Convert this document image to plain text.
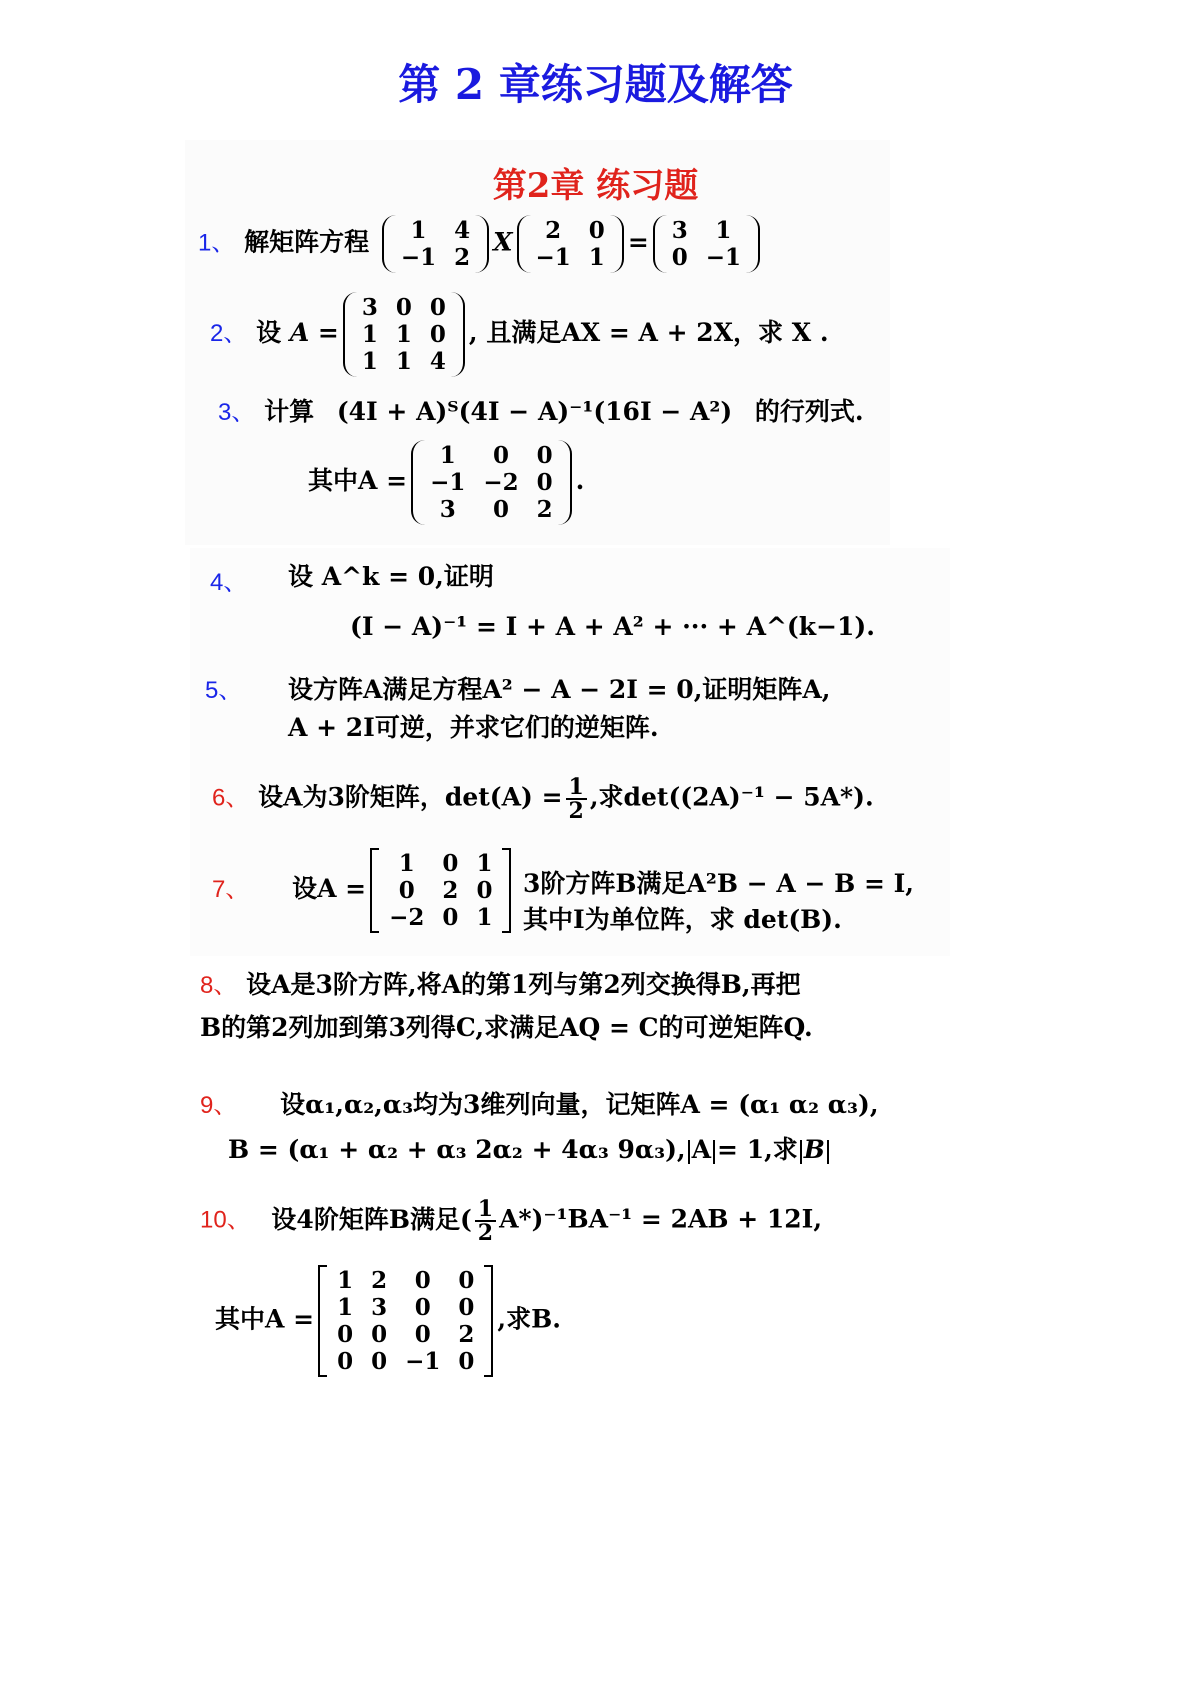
第 2 章练习题及解答
第2章 练习题
1、 解矩阵方程 1	4
−1	2
X 2	0
−1	1
= 3	1
0	−1
2、 设 A =
3	0	0
1	1	0
1	1	4
, 且满足AX = A + 2X，求 X .
3、 计算 (4I + A)ᵀ(4I − A)⁻¹(16I − A²) 的行列式.
其中A =
1	0	0
−1	−2	0
3	0	2
.
4、 设 A^k = 0,证明
(I − A)⁻¹ = I + A + A² + ··· + A^(k−1).
5、 设方阵A满足方程A² − A − 2I = 0,证明矩阵A,
A + 2I可逆，并求它们的逆矩阵.
6、 设A为3阶矩阵，$\det(A) = \frac{1}{2}$ ,求det((2A)⁻¹ − 5A*).
7、 设A =
1	0	1
0	2	0
−2	0	1
3阶方阵B满足A²B − A − B = I,
其中I为单位阵，求 det(B).
8、 设A是3阶方阵,将A的第1列与第2列交换得B,再把
B的第2列加到第3列得C,求满足AQ = C的可逆矩阵Q.
9、 设α₁,α₂,α₃均为3维列向量，记矩阵A = (α₁ α₂ α₃),
B = (α₁ + α₂ + α₃ 2α₂ + 4α₃ 9α₃), A = 1,求 B
10、 设4阶矩阵B满足( $\frac{1}{2} A*)^{-1}BA^{-1} = 2AB + 12I$,
其中A =
1	2	0	0
1	3	0	0
0	0	0	2
0	0	−1	0
,求B.
